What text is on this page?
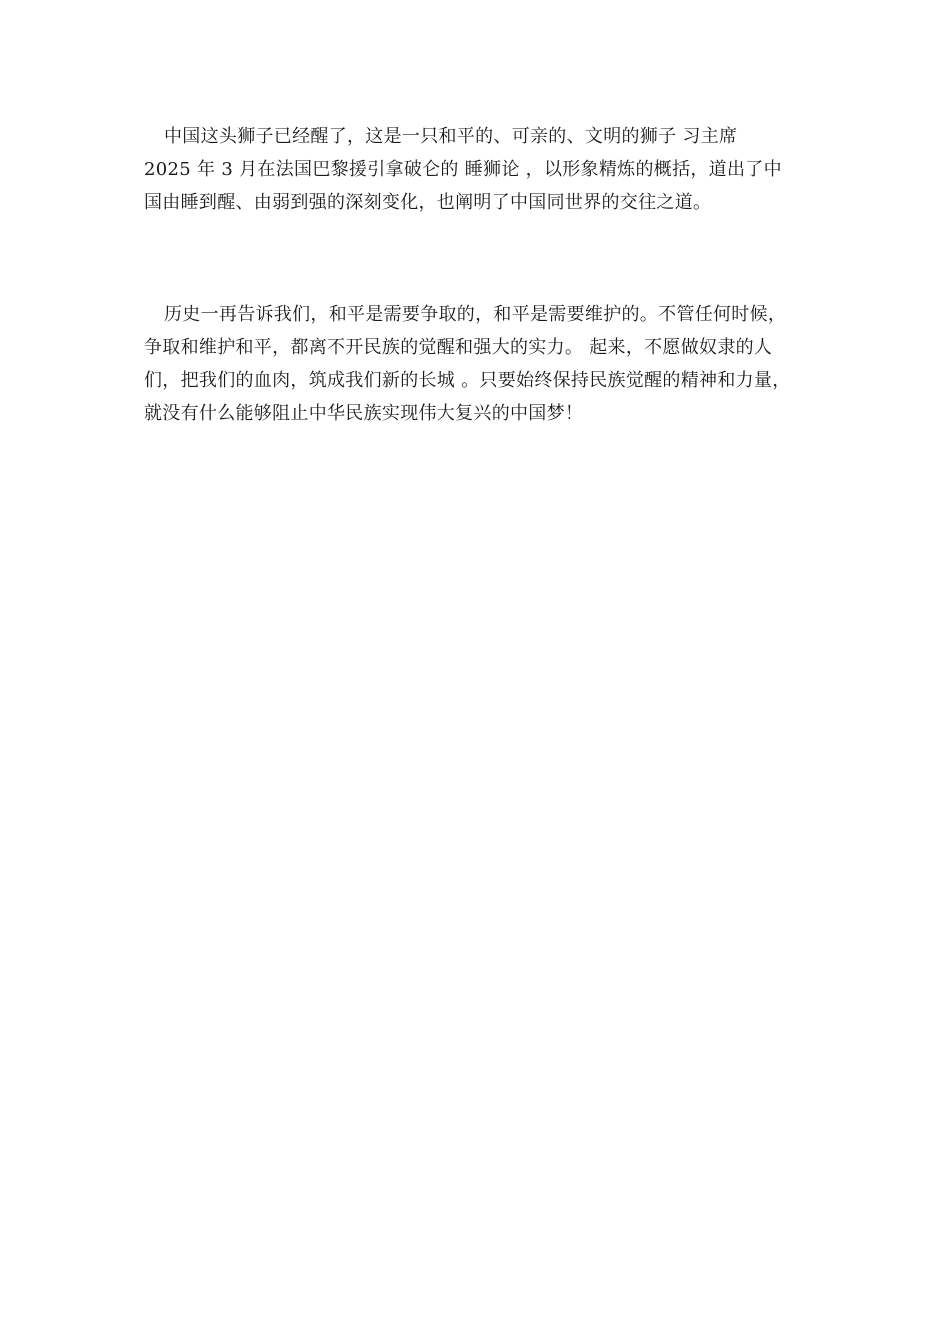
中国这头狮子已经醒了，这是一只和平的、可亲的、文明的狮子 习主席
2025 年 3 月在法国巴黎援引拿破仑的 睡狮论 ，以形象精炼的概括，道出了中
国由睡到醒、由弱到强的深刻变化，也阐明了中国同世界的交往之道。

历史一再告诉我们，和平是需要争取的，和平是需要维护的。不管任何时候，
争取和维护和平，都离不开民族的觉醒和强大的实力。 起来，不愿做奴隶的人
们，把我们的血肉，筑成我们新的长城 。只要始终保持民族觉醒的精神和力量，
就没有什么能够阻止中华民族实现伟大复兴的中国梦！
